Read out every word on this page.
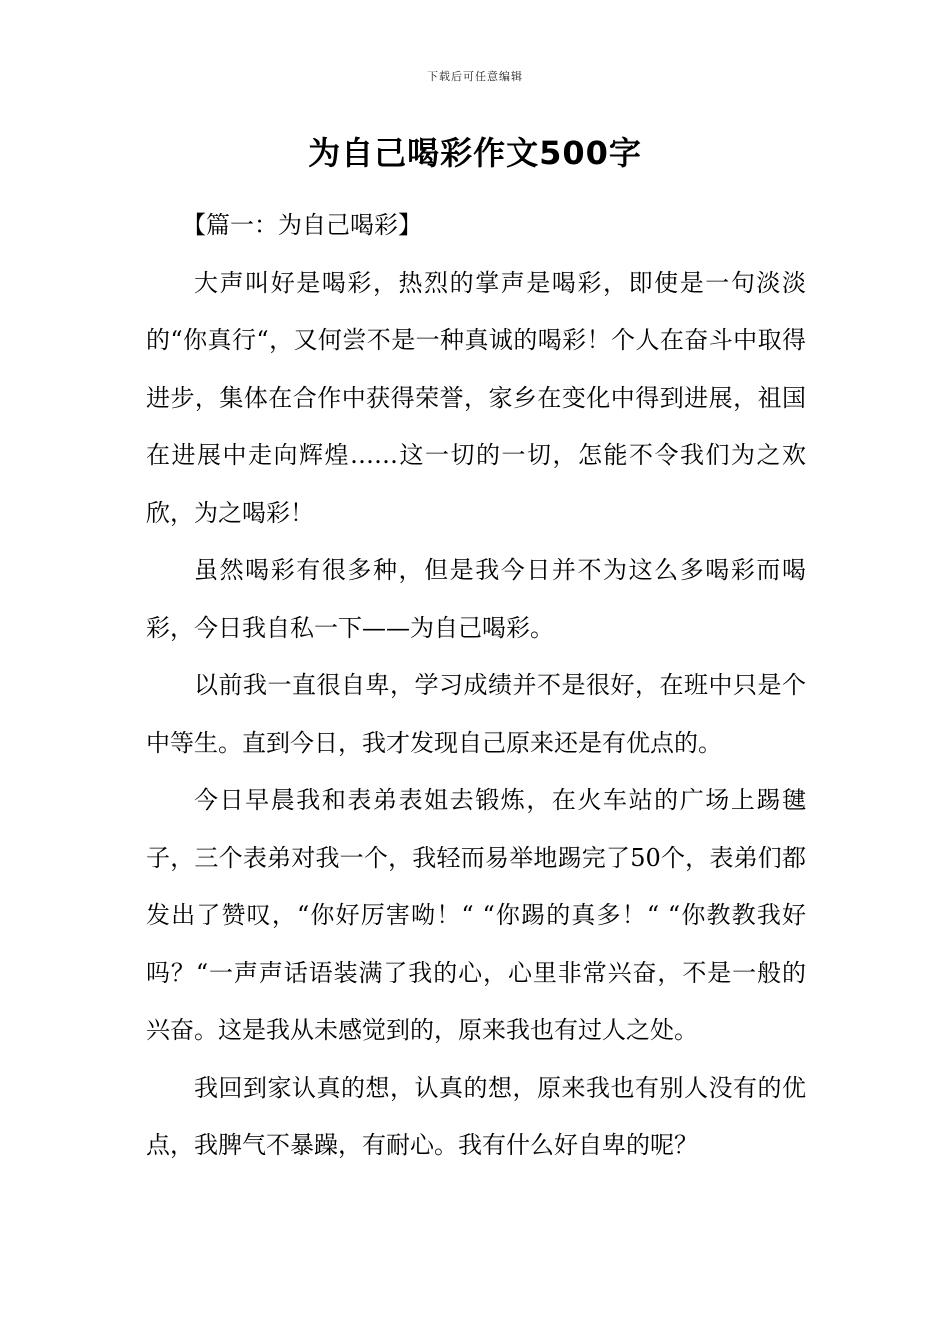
下载后可任意编辑
为自己喝彩作文500字
【篇一：为自己喝彩】

大声叫好是喝彩，热烈的掌声是喝彩，即使是一句淡淡的“你真行“，又何尝不是一种真诚的喝彩！个人在奋斗中取得进步，集体在合作中获得荣誉，家乡在变化中得到进展，祖国在进展中走向辉煌……这一切的一切，怎能不令我们为之欢欣，为之喝彩！

虽然喝彩有很多种，但是我今日并不为这么多喝彩而喝彩，今日我自私一下——为自己喝彩。

以前我一直很自卑，学习成绩并不是很好，在班中只是个中等生。直到今日，我才发现自己原来还是有优点的。

今日早晨我和表弟表姐去锻炼，在火车站的广场上踢毽子，三个表弟对我一个，我轻而易举地踢完了50个，表弟们都发出了赞叹，“你好厉害呦！“ “你踢的真多！“ “你教教我好吗？“一声声话语装满了我的心，心里非常兴奋，不是一般的兴奋。这是我从未感觉到的，原来我也有过人之处。

我回到家认真的想，认真的想，原来我也有别人没有的优点，我脾气不暴躁，有耐心。我有什么好自卑的呢？
